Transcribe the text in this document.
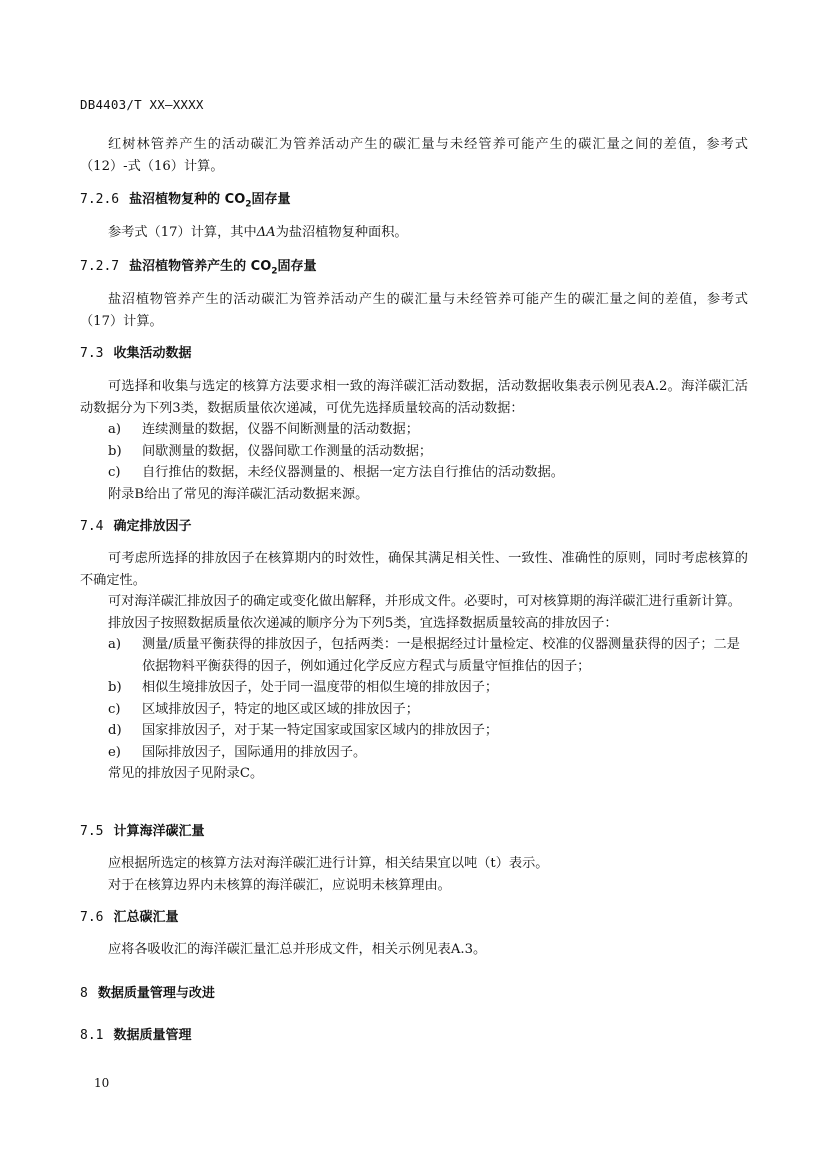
DB4403/T XX—XXXX

红树林管养产生的活动碳汇为管养活动产生的碳汇量与未经管养可能产生的碳汇量之间的差值，参考式（12）-式（16）计算。

7.2.6 盐沼植物复种的 $CO_2$固存量

参考式（17）计算，其中ΔA为盐沼植物复种面积。

7.2.7 盐沼植物管养产生的 $CO_2$固存量

盐沼植物管养产生的活动碳汇为管养活动产生的碳汇量与未经管养可能产生的碳汇量之间的差值，参考式（17）计算。

7.3 收集活动数据

可选择和收集与选定的核算方法要求相一致的海洋碳汇活动数据，活动数据收集表示例见表A.2。海洋碳汇活动数据分为下列3类，数据质量依次递减，可优先选择质量较高的活动数据：

a) 连续测量的数据，仪器不间断测量的活动数据；
b) 间歇测量的数据，仪器间歇工作测量的活动数据；
c) 自行推估的数据，未经仪器测量的、根据一定方法自行推估的活动数据。

附录B给出了常见的海洋碳汇活动数据来源。

7.4 确定排放因子

可考虑所选择的排放因子在核算期内的时效性，确保其满足相关性、一致性、准确性的原则，同时考虑核算的不确定性。

可对海洋碳汇排放因子的确定或变化做出解释，并形成文件。必要时，可对核算期的海洋碳汇进行重新计算。

排放因子按照数据质量依次递减的顺序分为下列5类，宜选择数据质量较高的排放因子：

a) 测量/质量平衡获得的排放因子，包括两类：一是根据经过计量检定、校准的仪器测量获得的因子；二是依据物料平衡获得的因子，例如通过化学反应方程式与质量守恒推估的因子；
b) 相似生境排放因子，处于同一温度带的相似生境的排放因子；
c) 区域排放因子，特定的地区或区域的排放因子；
d) 国家排放因子，对于某一特定国家或国家区域内的排放因子；
e) 国际排放因子，国际通用的排放因子。

常见的排放因子见附录C。

7.5 计算海洋碳汇量

应根据所选定的核算方法对海洋碳汇进行计算，相关结果宜以吨（t）表示。

对于在核算边界内未核算的海洋碳汇，应说明未核算理由。

7.6 汇总碳汇量

应将各吸收汇的海洋碳汇量汇总并形成文件，相关示例见表A.3。

8 数据质量管理与改进
8.1 数据质量管理
10
